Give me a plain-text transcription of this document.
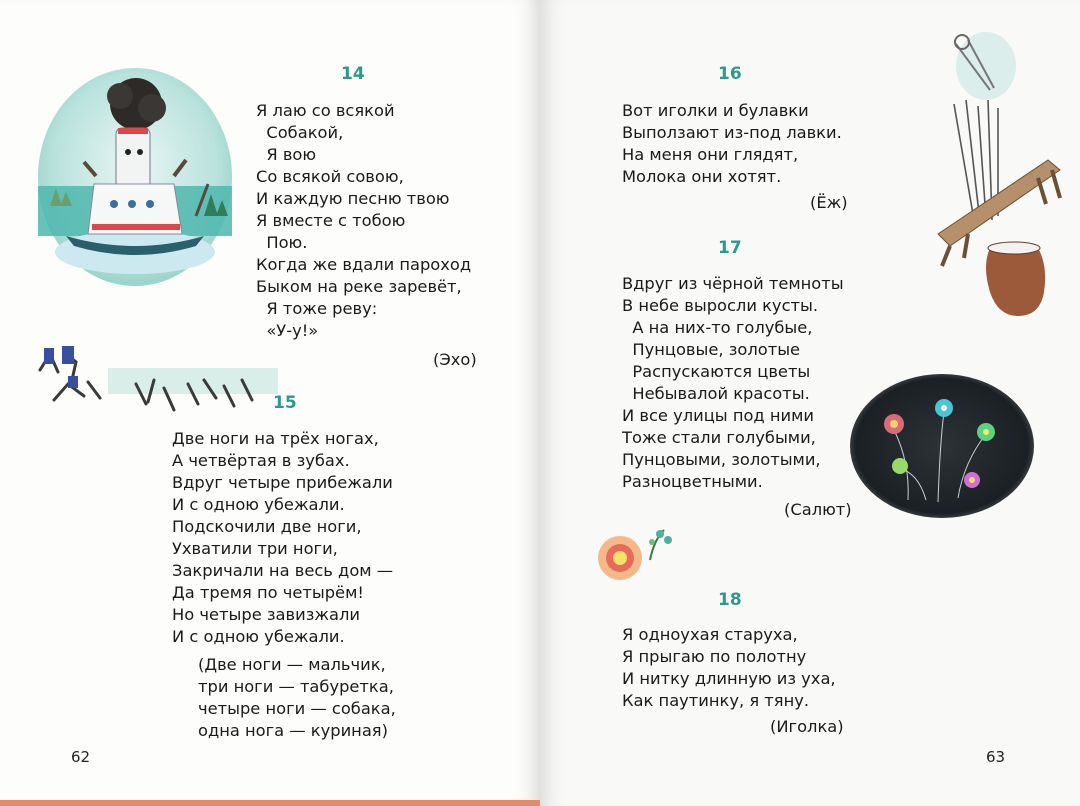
14
Я лаю со всякой
Собакой,
Я вою
Со всякой совою,
И каждую песню твою
Я вместе с тобою
Пою.
Когда же вдали пароход
Быком на реке заревёт,
Я тоже реву:
«У-у!»
(Эхо)
15
Две ноги на трёх ногах,
А четвёртая в зубах.
Вдруг четыре прибежали
И с одною убежали.
Подскочили две ноги,
Ухватили три ноги,
Закричали на весь дом —
Да тремя по четырём!
Но четыре завизжали
И с одною убежали.
(Две ноги — мальчик,
три ноги — табуретка,
четыре ноги — собака,
одна нога — куриная)
62
16
Вот иголки и булавки
Выползают из-под лавки.
На меня они глядят,
Молока они хотят.
(Ёж)
17
Вдруг из чёрной темноты
В небе выросли кусты.
А на них-то голубые,
Пунцовые, золотые
Распускаются цветы
Небывалой красоты.
И все улицы под ними
Тоже стали голубыми,
Пунцовыми, золотыми,
Разноцветными.
(Салют)
18
Я одноухая старуха,
Я прыгаю по полотну
И нитку длинную из уха,
Как паутинку, я тяну.
(Иголка)
63
